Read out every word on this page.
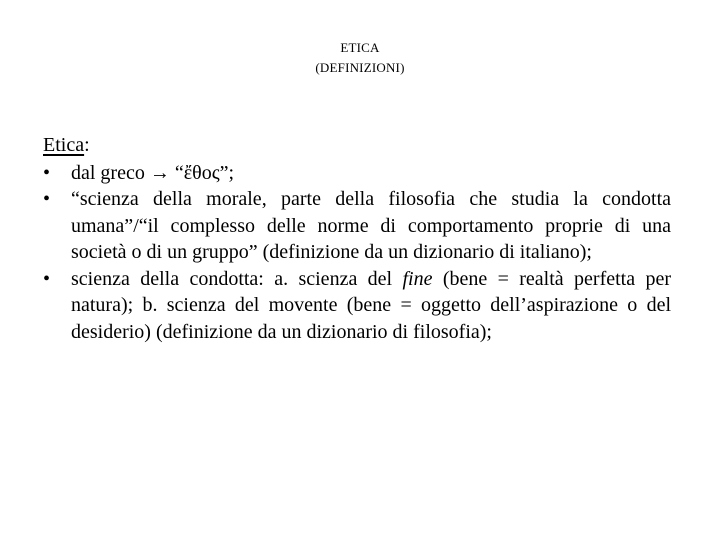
ETICA
(DEFINIZIONI)
Etica:
• dal greco → “ἔθος”;
• “scienza della morale, parte della filosofia che studia la condotta umana”/“il complesso delle norme di comportamento proprie di una società o di un gruppo” (definizione da un dizionario di italiano);
• scienza della condotta: a. scienza del fine (bene = realtà perfetta per natura); b. scienza del movente (bene = oggetto dell’aspirazione o del desiderio) (definizione da un dizionario di filosofia);
